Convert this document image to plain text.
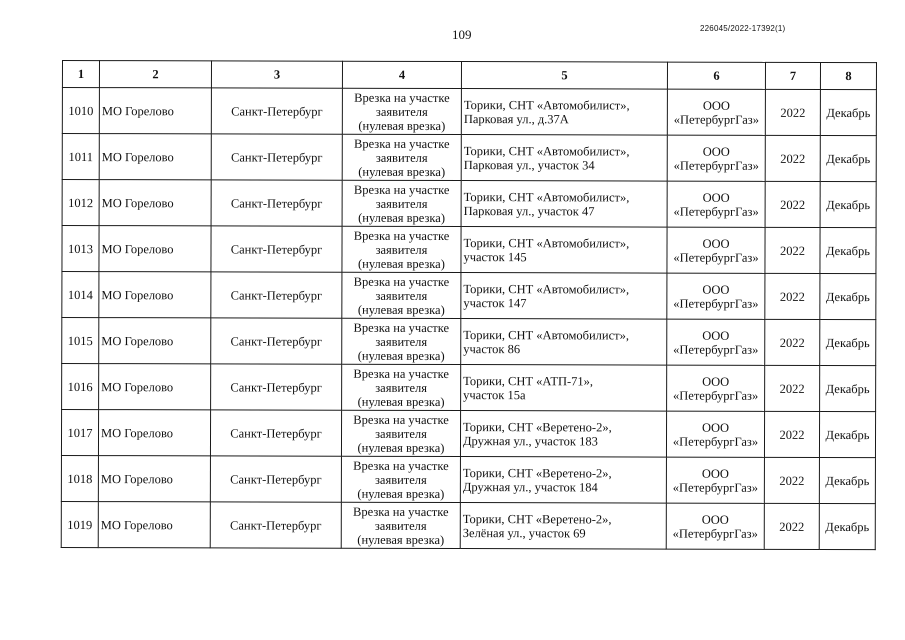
109	226045/2022-17392(1)
1	2	3	4	5	6	7	8
1010	МО Горелово	Санкт-Петербург	Врезка на участке
заявителя
(нулевая врезка)	Торики, СНТ «Автомобилист»,
Парковая ул., д.37А	ООО
«ПетербургГаз»	2022	Декабрь
1011	МО Горелово	Санкт-Петербург	Врезка на участке
заявителя
(нулевая врезка)	Торики, СНТ «Автомобилист»,
Парковая ул., участок 34	ООО
«ПетербургГаз»	2022	Декабрь
1012	МО Горелово	Санкт-Петербург	Врезка на участке
заявителя
(нулевая врезка)	Торики, СНТ «Автомобилист»,
Парковая ул., участок 47	ООО
«ПетербургГаз»	2022	Декабрь
1013	МО Горелово	Санкт-Петербург	Врезка на участке
заявителя
(нулевая врезка)	Торики, СНТ «Автомобилист»,
участок 145	ООО
«ПетербургГаз»	2022	Декабрь
1014	МО Горелово	Санкт-Петербург	Врезка на участке
заявителя
(нулевая врезка)	Торики, СНТ «Автомобилист»,
участок 147	ООО
«ПетербургГаз»	2022	Декабрь
1015	МО Горелово	Санкт-Петербург	Врезка на участке
заявителя
(нулевая врезка)	Торики, СНТ «Автомобилист»,
участок 86	ООО
«ПетербургГаз»	2022	Декабрь
1016	МО Горелово	Санкт-Петербург	Врезка на участке
заявителя
(нулевая врезка)	Торики, СНТ «АТП-71»,
участок 15а	ООО
«ПетербургГаз»	2022	Декабрь
1017	МО Горелово	Санкт-Петербург	Врезка на участке
заявителя
(нулевая врезка)	Торики, СНТ «Веретено-2»,
Дружная ул., участок 183	ООО
«ПетербургГаз»	2022	Декабрь
1018	МО Горелово	Санкт-Петербург	Врезка на участке
заявителя
(нулевая врезка)	Торики, СНТ «Веретено-2»,
Дружная ул., участок 184	ООО
«ПетербургГаз»	2022	Декабрь
1019	МО Горелово	Санкт-Петербург	Врезка на участке
заявителя
(нулевая врезка)	Торики, СНТ «Веретено-2»,
Зелёная ул., участок 69	ООО
«ПетербургГаз»	2022	Декабрь
